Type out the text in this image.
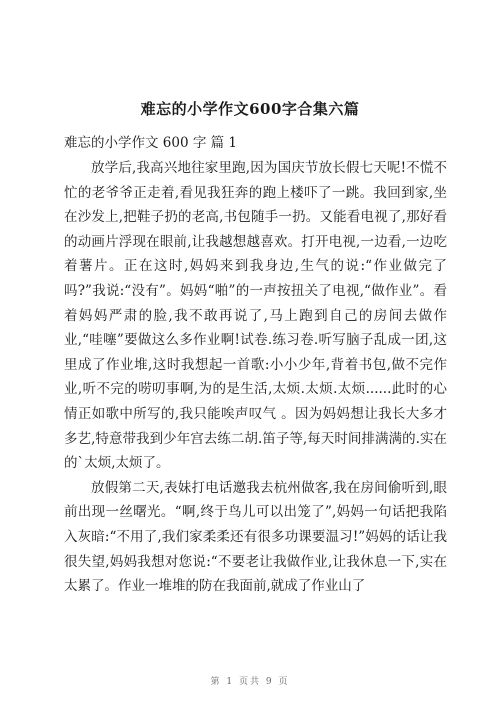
难忘的小学作文600字合集六篇
难忘的小学作文 600 字 篇 1

放学后,我高兴地往家里跑,因为国庆节放长假七天呢!不慌不忙的老爷爷正走着,看见我狂奔的跑上楼吓了一跳。我回到家,坐在沙发上,把鞋子扔的老高,书包随手一扔。又能看电视了,那好看的动画片浮现在眼前,让我越想越喜欢。打开电视,一边看,一边吃着薯片。正在这时,妈妈来到我身边,生气的说:“作业做完了吗?”我说:“没有”。妈妈“啪”的一声按扭关了电视,“做作业”。看着妈妈严肃的脸,我不敢再说了,马上跑到自己的房间去做作业,“哇噻”要做这么多作业啊!试卷.练习卷.听写脑子乱成一团,这里成了作业堆,这时我想起一首歌:小小少年,背着书包,做不完作业,听不完的唠叨事啊,为的是生活,太烦.太烦.太烦......此时的心情正如歌中所写的,我只能唉声叹气 。因为妈妈想让我长大多才多艺,特意带我到少年宫去练二胡.笛子等,每天时间排满满的.实在的`太烦,太烦了。

放假第二天,表妹打电话邀我去杭州做客,我在房间偷听到,眼前出现一丝曙光。“啊,终于鸟儿可以出笼了”,妈妈一句话把我陷入灰暗:“不用了,我们家柔柔还有很多功课要温习!”妈妈的话让我很失望,妈妈我想对您说:“不要老让我做作业,让我休息一下,实在太累了。作业一堆堆的防在我面前,就成了作业山了

第 1 页共 9 页
